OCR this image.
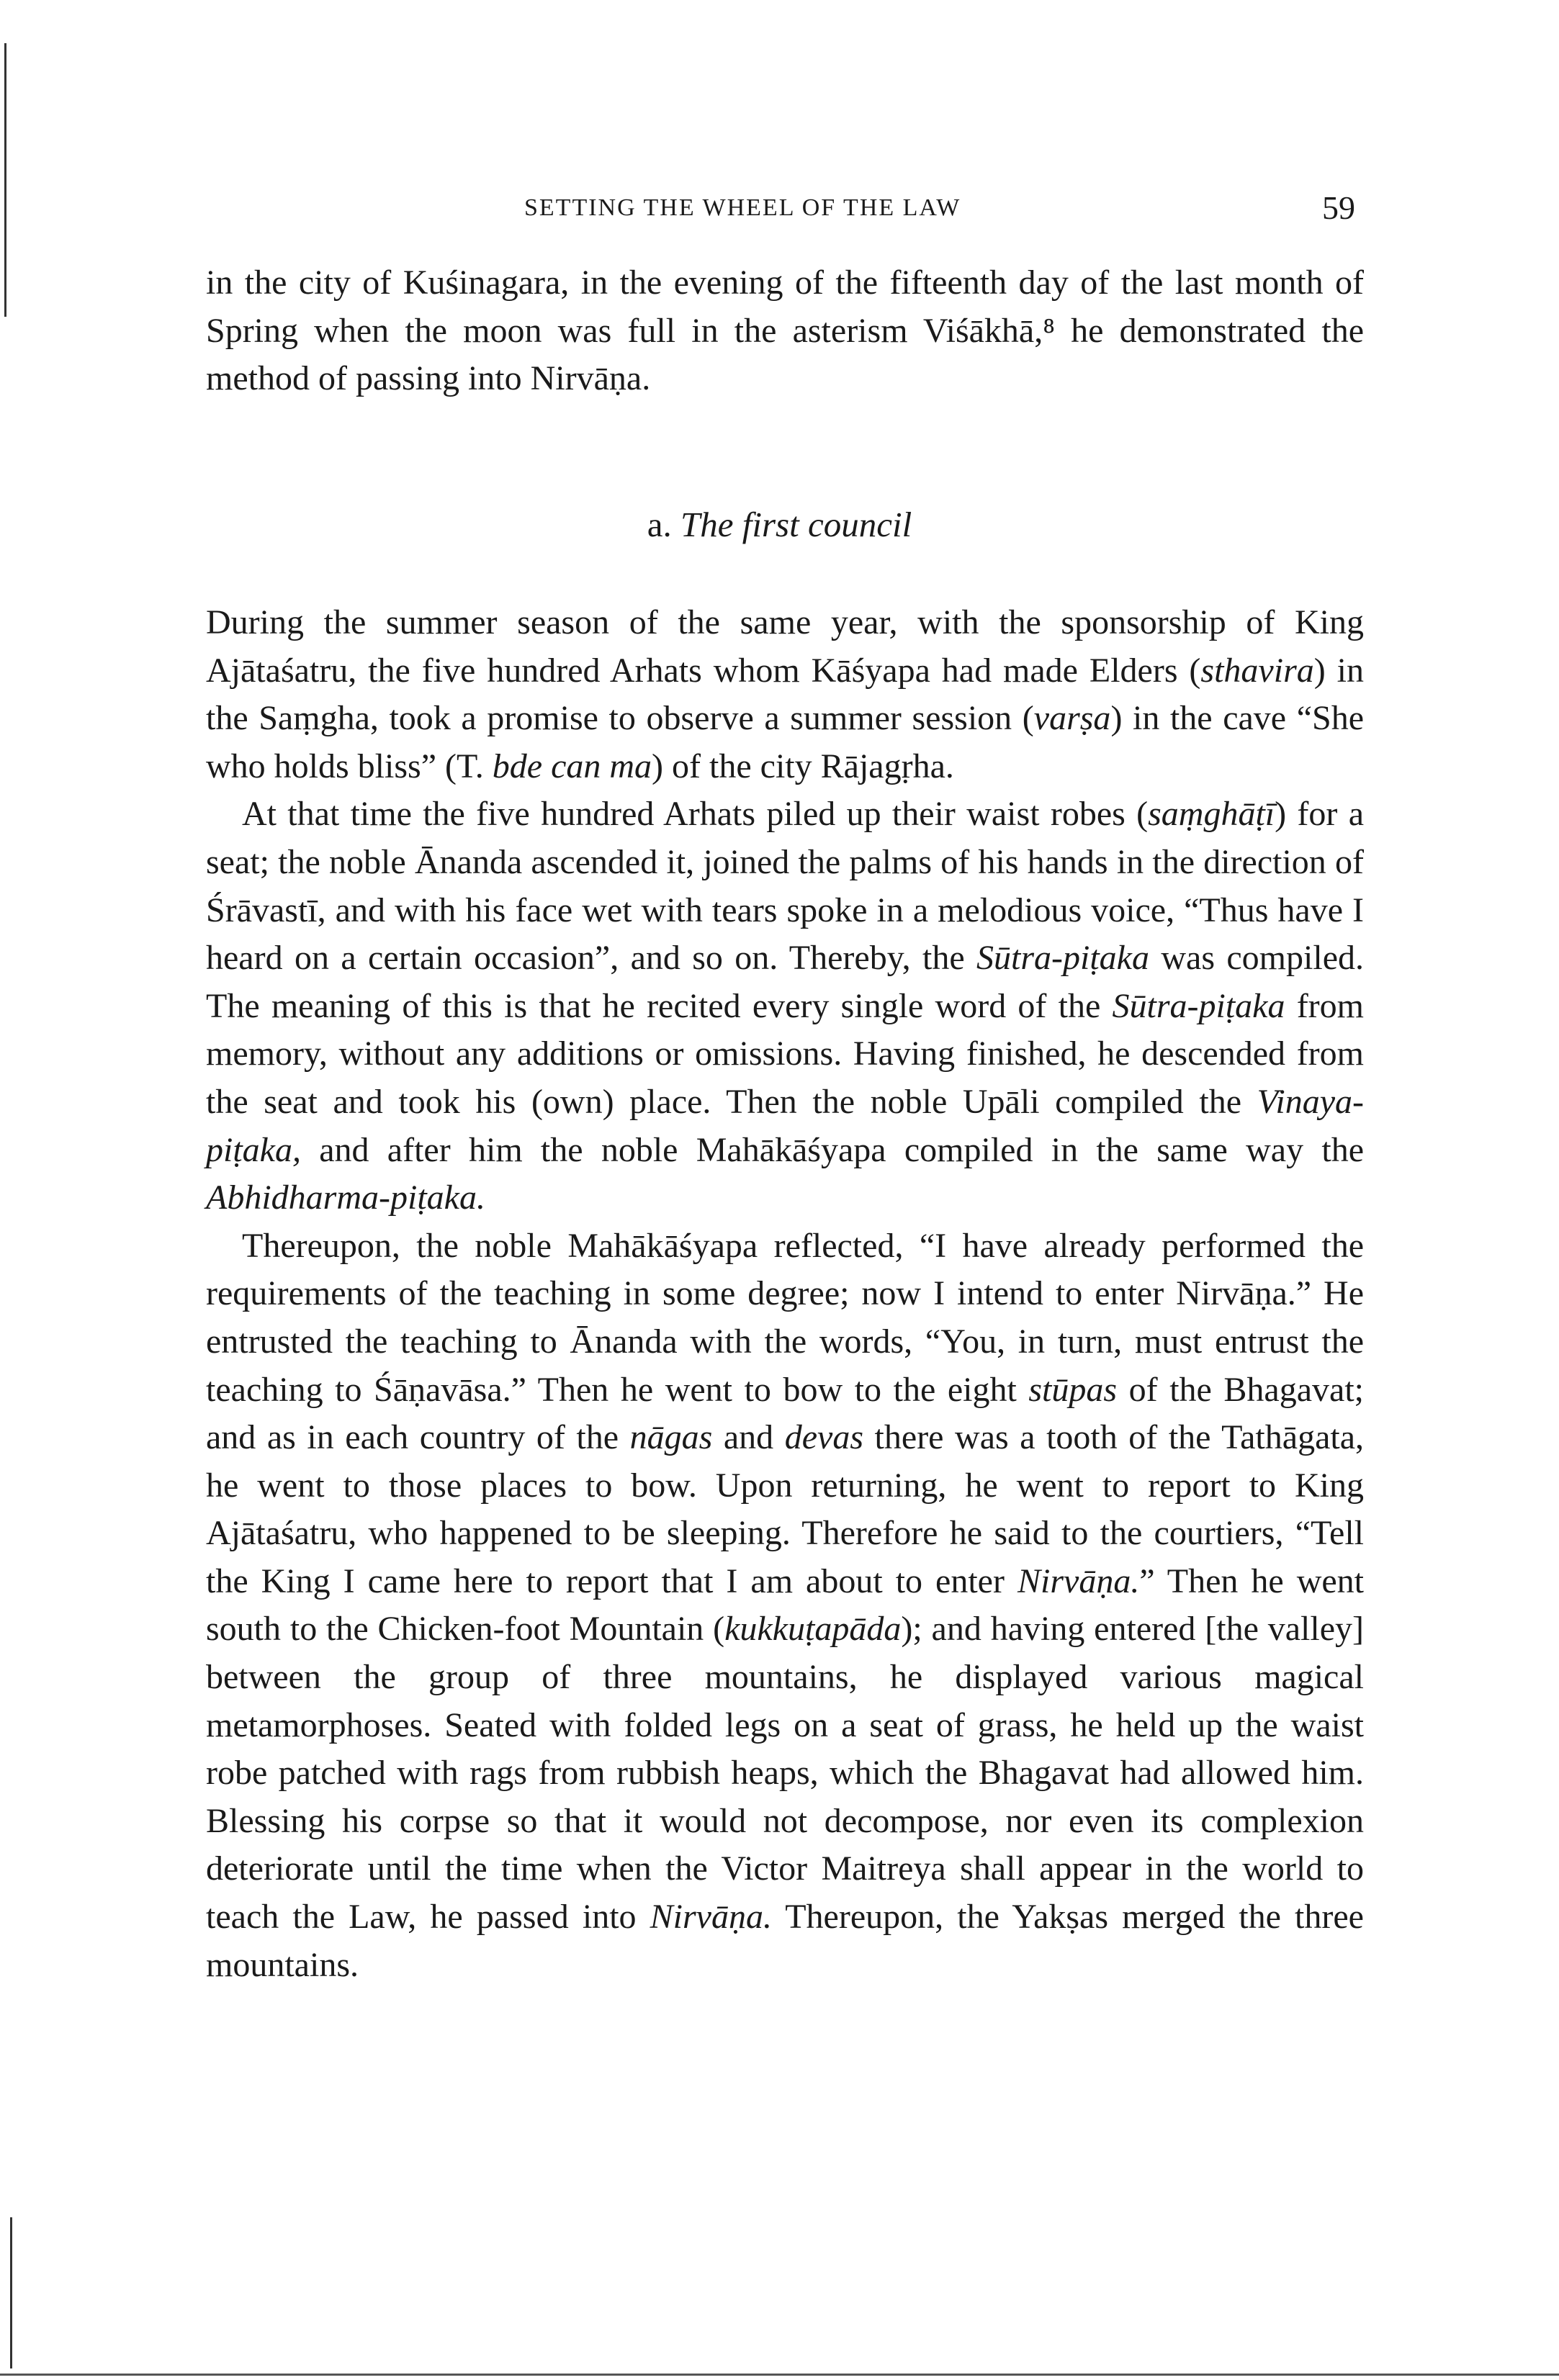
SETTING THE WHEEL OF THE LAW	59
in the city of Kuśinagara, in the evening of the fifteenth day of the last month of Spring when the moon was full in the asterism Viśākhā,⁸ he demonstrated the method of passing into Nirvāṇa.
a. The first council

During the summer season of the same year, with the sponsorship of King Ajātaśatru, the five hundred Arhats whom Kāśyapa had made Elders (sthavira) in the Saṃgha, took a promise to observe a summer session (varṣa) in the cave “She who holds bliss” (T. bde can ma) of the city Rājagṛha.

At that time the five hundred Arhats piled up their waist robes (saṃghāṭī) for a seat; the noble Ānanda ascended it, joined the palms of his hands in the direction of Śrāvastī, and with his face wet with tears spoke in a melodious voice, “Thus have I heard on a certain occasion”, and so on. Thereby, the Sūtra-piṭaka was compiled. The meaning of this is that he recited every single word of the Sūtra-piṭaka from memory, without any additions or omissions. Having finished, he descended from the seat and took his (own) place. Then the noble Upāli compiled the Vinaya-piṭaka, and after him the noble Mahākāśyapa compiled in the same way the Abhidharma-piṭaka.

Thereupon, the noble Mahākāśyapa reflected, “I have already performed the requirements of the teaching in some degree; now I intend to enter Nirvāṇa.” He entrusted the teaching to Ānanda with the words, “You, in turn, must entrust the teaching to Śāṇavāsa.” Then he went to bow to the eight stūpas of the Bhagavat; and as in each country of the nāgas and devas there was a tooth of the Tathāgata, he went to those places to bow. Upon returning, he went to report to King Ajātaśatru, who happened to be sleeping. Therefore he said to the courtiers, “Tell the King I came here to report that I am about to enter Nirvāṇa.” Then he went south to the Chicken-foot Mountain (kukkuṭapāda); and having entered [the valley] between the group of three mountains, he displayed various magical metamorphoses. Seated with folded legs on a seat of grass, he held up the waist robe patched with rags from rubbish heaps, which the Bhagavat had allowed him. Blessing his corpse so that it would not decompose, nor even its complexion deteriorate until the time when the Victor Maitreya shall appear in the world to teach the Law, he passed into Nirvāṇa. Thereupon, the Yakṣas merged the three mountains.
